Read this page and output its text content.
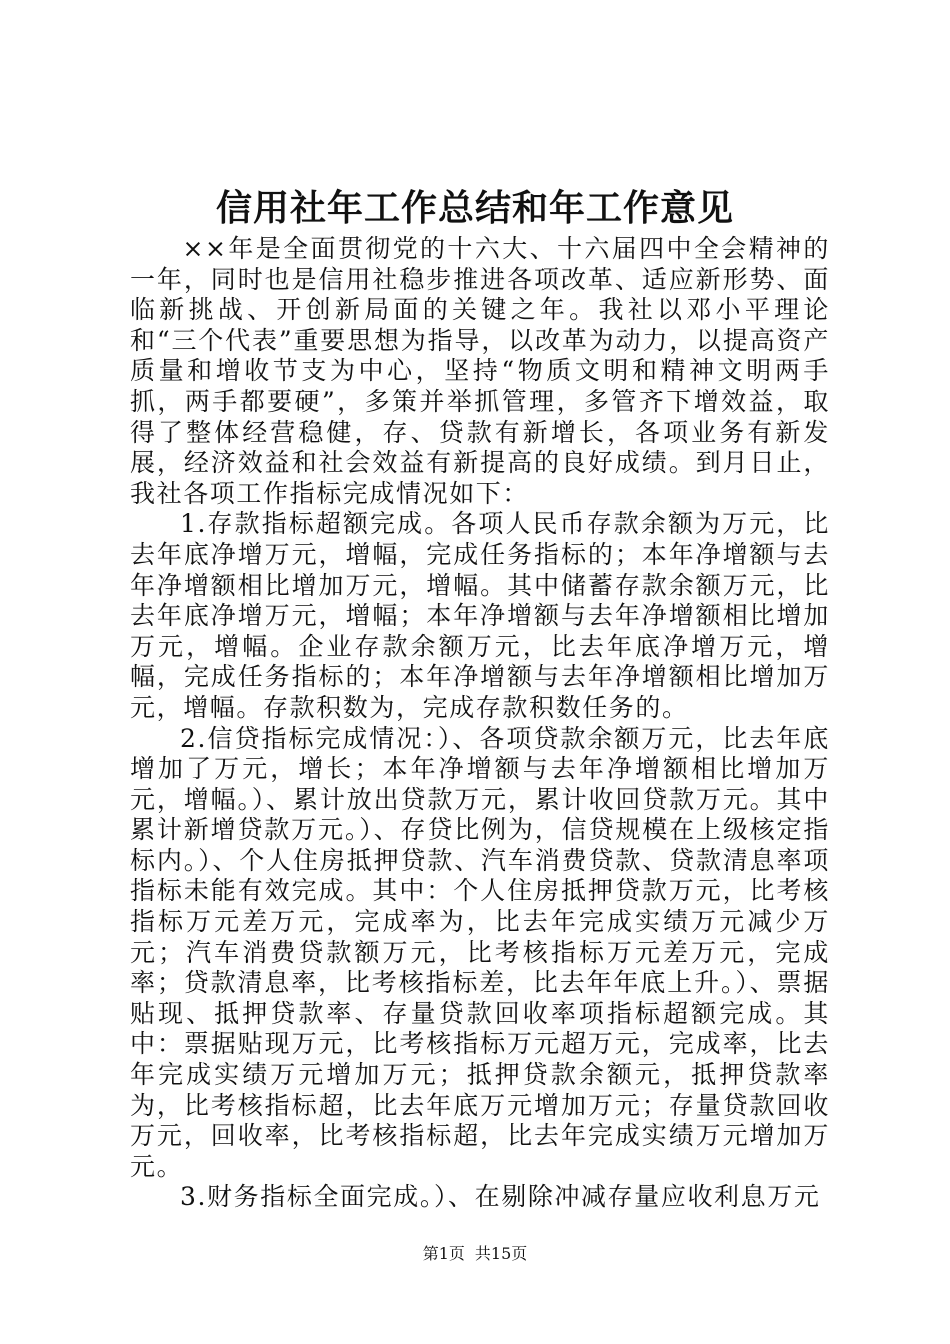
信用社年工作总结和年工作意见

××年是全面贯彻党的十六大、十六届四中全会精神的一年，同时也是信用社稳步推进各项改革、适应新形势、面临新挑战、开创新局面的关键之年。我社以邓小平理论和“三个代表”重要思想为指导，以改革为动力，以提高资产质量和增收节支为中心，坚持“物质文明和精神文明两手抓，两手都要硬”，多策并举抓管理，多管齐下增效益，取得了整体经营稳健，存、贷款有新增长，各项业务有新发展，经济效益和社会效益有新提高的良好成绩。到月日止，我社各项工作指标完成情况如下：

1.存款指标超额完成。各项人民币存款余额为万元，比去年底净增万元，增幅，完成任务指标的；本年净增额与去年净增额相比增加万元，增幅。其中储蓄存款余额万元，比去年底净增万元，增幅；本年净增额与去年净增额相比增加万元，增幅。企业存款余额万元，比去年底净增万元，增幅，完成任务指标的；本年净增额与去年净增额相比增加万元，增幅。存款积数为，完成存款积数任务的。

2.信贷指标完成情况：）、各项贷款余额万元，比去年底增加了万元，增长；本年净增额与去年净增额相比增加万元，增幅。）、累计放出贷款万元，累计收回贷款万元。其中累计新增贷款万元。）、存贷比例为，信贷规模在上级核定指标内。）、个人住房抵押贷款、汽车消费贷款、贷款清息率项指标未能有效完成。其中：个人住房抵押贷款万元，比考核指标万元差万元，完成率为，比去年完成实绩万元减少万元；汽车消费贷款额万元，比考核指标万元差万元，完成率；贷款清息率，比考核指标差，比去年年底上升。）、票据贴现、抵押贷款率、存量贷款回收率项指标超额完成。其中：票据贴现万元，比考核指标万元超万元，完成率，比去年完成实绩万元增加万元；抵押贷款余额元，抵押贷款率为，比考核指标超，比去年底万元增加万元；存量贷款回收万元，回收率，比考核指标超，比去年完成实绩万元增加万元。

3.财务指标全面完成。）、在剔除冲减存量应收利息万元

第1页 共15页
